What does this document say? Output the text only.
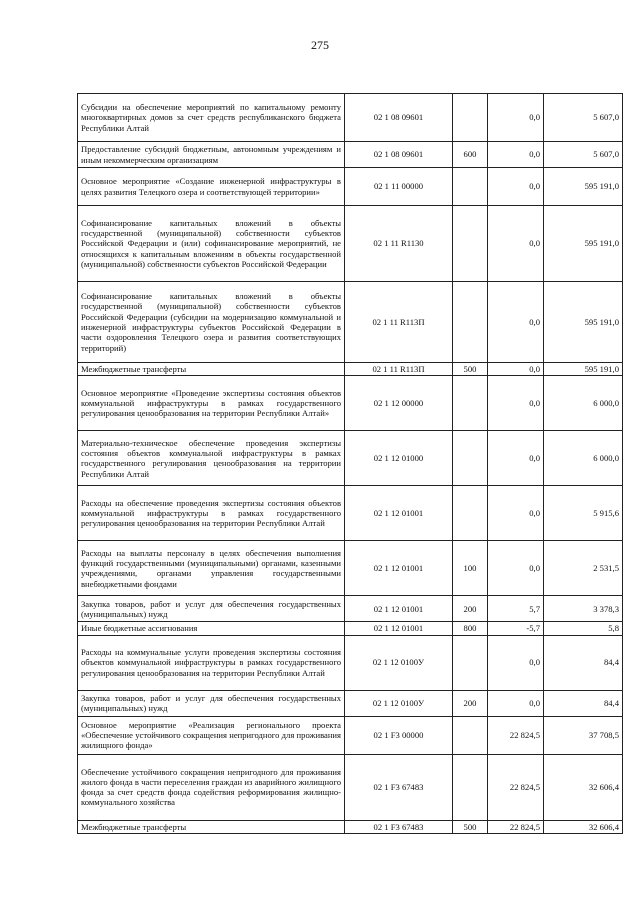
275
Субсидии на обеспечение мероприятий по капитальному ремонту многоквартирных домов за счет средств республиканского бюджета Республики Алтай	02 1 08 09601		0,0	5 607,0
Предоставление субсидий бюджетным, автономным учреждениям и иным некоммерческим организациям	02 1 08 09601	600	0,0	5 607,0
Основное мероприятие «Создание инженерной инфраструктуры в целях развития Телецкого озера и соответствующей территории»	02 1 11 00000		0,0	595 191,0
Софинансирование капитальных вложений в объекты государственной (муниципальной) собственности субъектов Российской Федерации и (или) софинансирование мероприятий, не относящихся к капитальным вложениям в объекты государственной (муниципальной) собственности субъектов Российской Федерации	02 1 11 R1130		0,0	595 191,0
Софинансирование капитальных вложений в объекты государственной (муниципальной) собственности субъектов Российской Федерации (субсидии на модернизацию коммунальной и инженерной инфраструктуры субъектов Российской Федерации в части оздоровления Телецкого озера и развития соответствующих территорий)	02 1 11 R113П		0,0	595 191,0
Межбюджетные трансферты	02 1 11 R113П	500	0,0	595 191,0
Основное мероприятие «Проведение экспертизы состояния объектов коммунальной инфраструктуры в рамках государственного регулирования ценообразования на территории Республики Алтай»	02 1 12 00000		0,0	6 000,0
Материально-техническое обеспечение проведения экспертизы состояния объектов коммунальной инфраструктуры в рамках государственного регулирования ценообразования на территории Республики Алтай	02 1 12 01000		0,0	6 000,0
Расходы на обеспечение проведения экспертизы состояния объектов коммунальной инфраструктуры в рамках государственного регулирования ценообразования на территории Республики Алтай	02 1 12 01001		0,0	5 915,6
Расходы на выплаты персоналу в целях обеспечения выполнения функций государственными (муниципальными) органами, казенными учреждениями, органами управления государственными внебюджетными фондами	02 1 12 01001	100	0,0	2 531,5
Закупка товаров, работ и услуг для обеспечения государственных (муниципальных) нужд	02 1 12 01001	200	5,7	3 378,3
Иные бюджетные ассигнования	02 1 12 01001	800	-5,7	5,8
Расходы на коммунальные услуги проведения экспертизы состояния объектов коммунальной инфраструктуры в рамках государственного регулирования ценообразования на территории Республики Алтай	02 1 12 0100У		0,0	84,4
Закупка товаров, работ и услуг для обеспечения государственных (муниципальных) нужд	02 1 12 0100У	200	0,0	84,4
Основное мероприятие «Реализация регионального проекта «Обеспечение устойчивого сокращения непригодного для проживания жилищного фонда»	02 1 F3 00000		22 824,5	37 708,5
Обеспечение устойчивого сокращения непригодного для проживания жилого фонда в части переселения граждан из аварийного жилищного фонда за счет средств фонда содействия реформирования жилищно-коммунального хозяйства	02 1 F3 67483		22 824,5	32 606,4
Межбюджетные трансферты	02 1 F3 67483	500	22 824,5	32 606,4
